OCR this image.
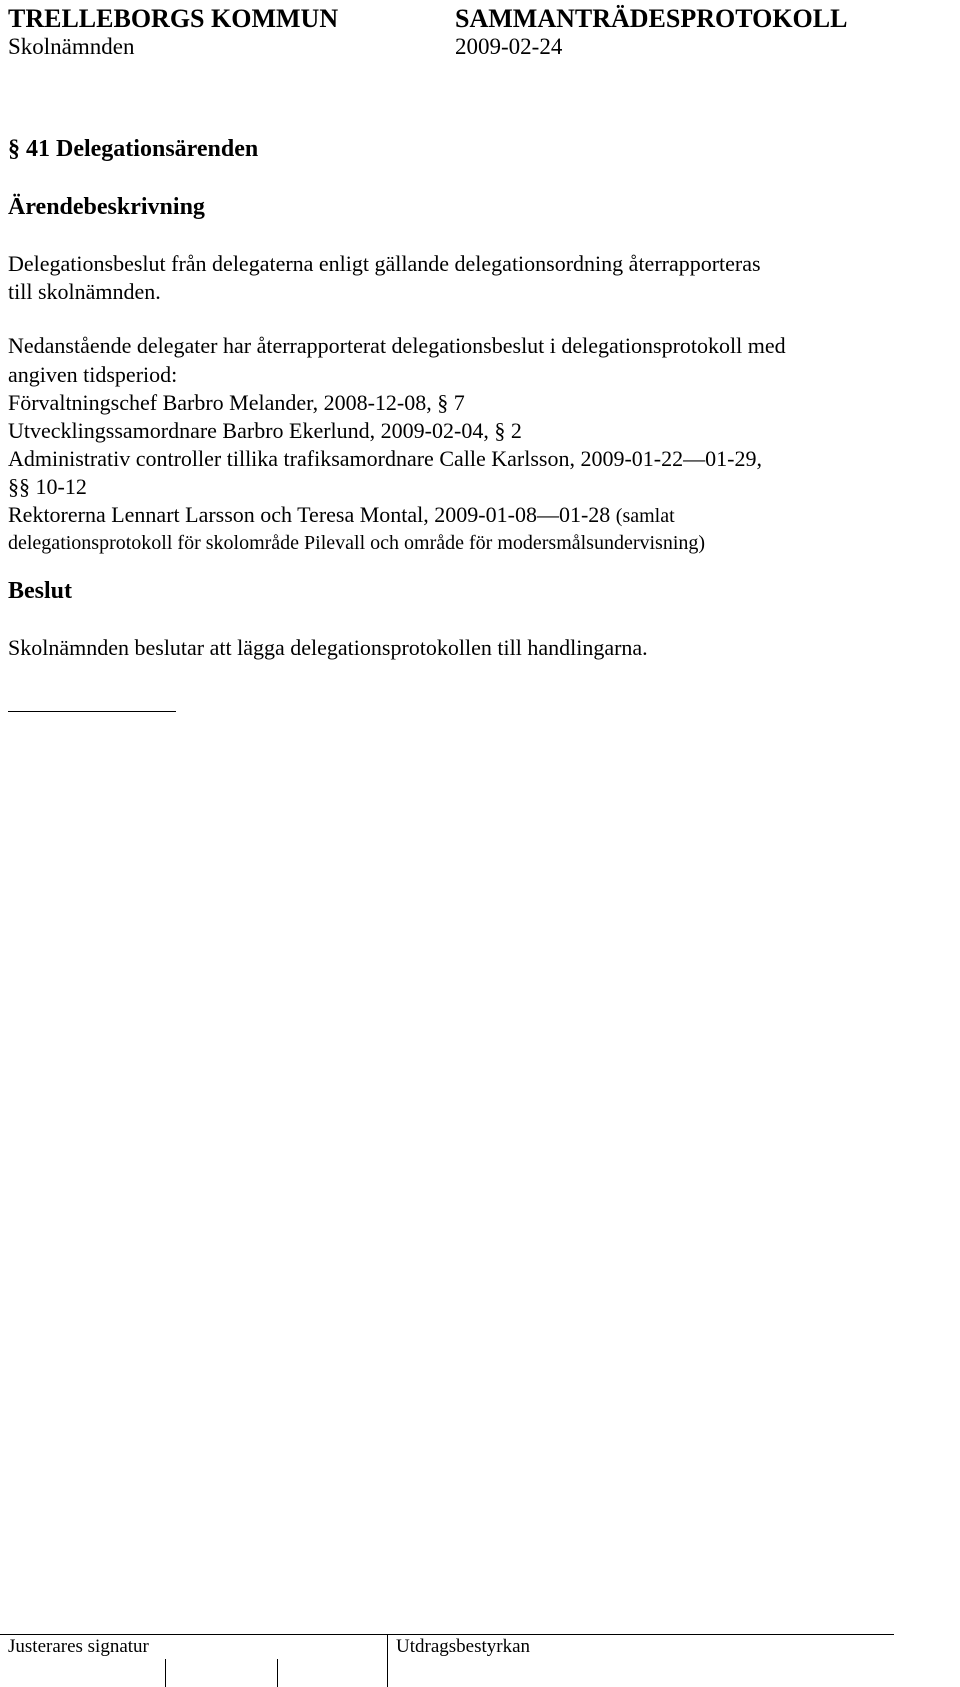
TRELLEBORGS KOMMUN	SAMMANTRÄDESPROTOKOLL
Skolnämnden	2009-02-24
§ 41 Delegationsärenden
Ärendebeskrivning
Delegationsbeslut från delegaterna enligt gällande delegationsordning återrapporteras
till skolnämnden.
Nedanstående delegater har återrapporterat delegationsbeslut i delegationsprotokoll med
angiven tidsperiod:
Förvaltningschef Barbro Melander, 2008-12-08, § 7
Utvecklingssamordnare Barbro Ekerlund, 2009-02-04, § 2
Administrativ controller tillika trafiksamordnare Calle Karlsson, 2009-01-22—01-29,
§§ 10-12
Rektorerna Lennart Larsson och Teresa Montal, 2009-01-08—01-28 (samlat
delegationsprotokoll för skolområde Pilevall och område för modersmålsundervisning)
Beslut
Skolnämnden beslutar att lägga delegationsprotokollen till handlingarna.
Justerares signatur	Utdragsbestyrkan
